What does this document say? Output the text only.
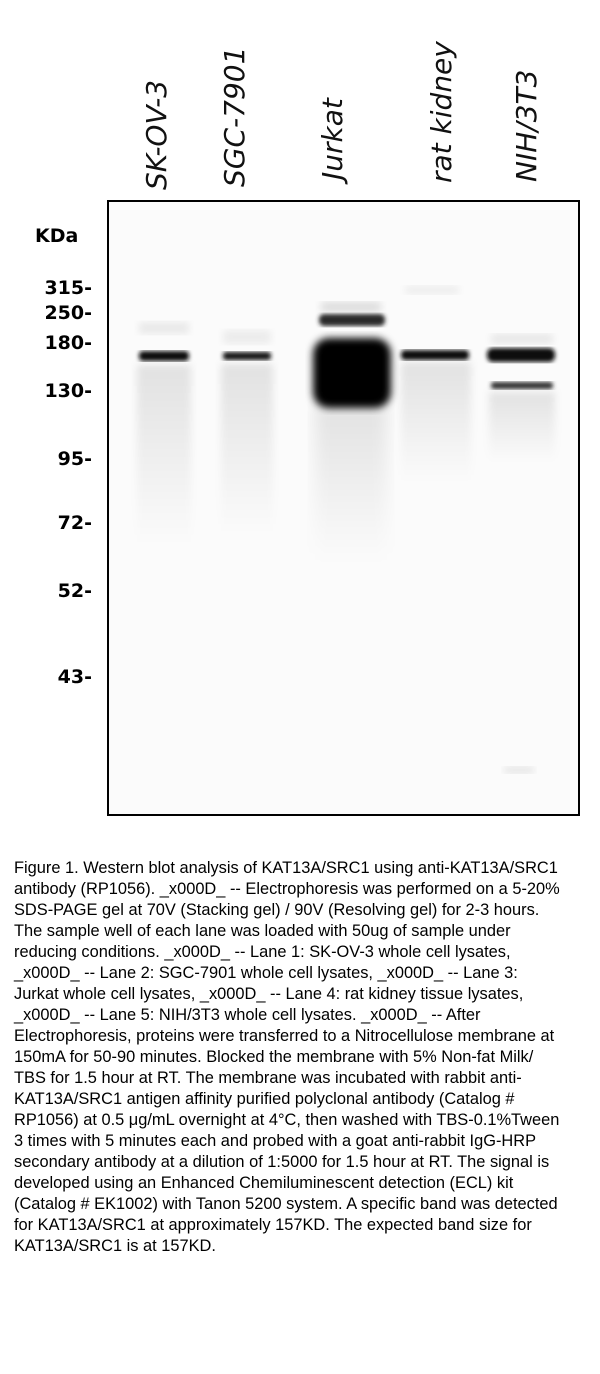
SK-OV-3 SGC-7901 Jurkat	rat kidney NIH/3T3
KDa
315-
250-
180-
130-
95-
72-
52-
43-

Figure 1. Western blot analysis of KAT13A/SRC1 using anti-KAT13A/SRC1 antibody (RP1056). _x000D_ -- Electrophoresis was performed on a 5-20% SDS-PAGE gel at 70V (Stacking gel) / 90V (Resolving gel) for 2-3 hours. The sample well of each lane was loaded with 50ug of sample under reducing conditions. _x000D_ -- Lane 1: SK-OV-3 whole cell lysates, _x000D_ -- Lane 2: SGC-7901 whole cell lysates, _x000D_ -- Lane 3: Jurkat whole cell lysates, _x000D_ -- Lane 4: rat kidney tissue lysates, _x000D_ -- Lane 5: NIH/3T3 whole cell lysates. _x000D_ -- After Electrophoresis, proteins were transferred to a Nitrocellulose membrane at 150mA for 50-90 minutes. Blocked the membrane with 5% Non-fat Milk/ TBS for 1.5 hour at RT. The membrane was incubated with rabbit anti-KAT13A/SRC1 antigen affinity purified polyclonal antibody (Catalog # RP1056) at 0.5 μg/mL overnight at 4°C, then washed with TBS-0.1%Tween 3 times with 5 minutes each and probed with a goat anti-rabbit IgG-HRP secondary antibody at a dilution of 1:5000 for 1.5 hour at RT. The signal is developed using an Enhanced Chemiluminescent detection (ECL) kit (Catalog # EK1002) with Tanon 5200 system. A specific band was detected for KAT13A/SRC1 at approximately 157KD. The expected band size for KAT13A/SRC1 is at 157KD.
